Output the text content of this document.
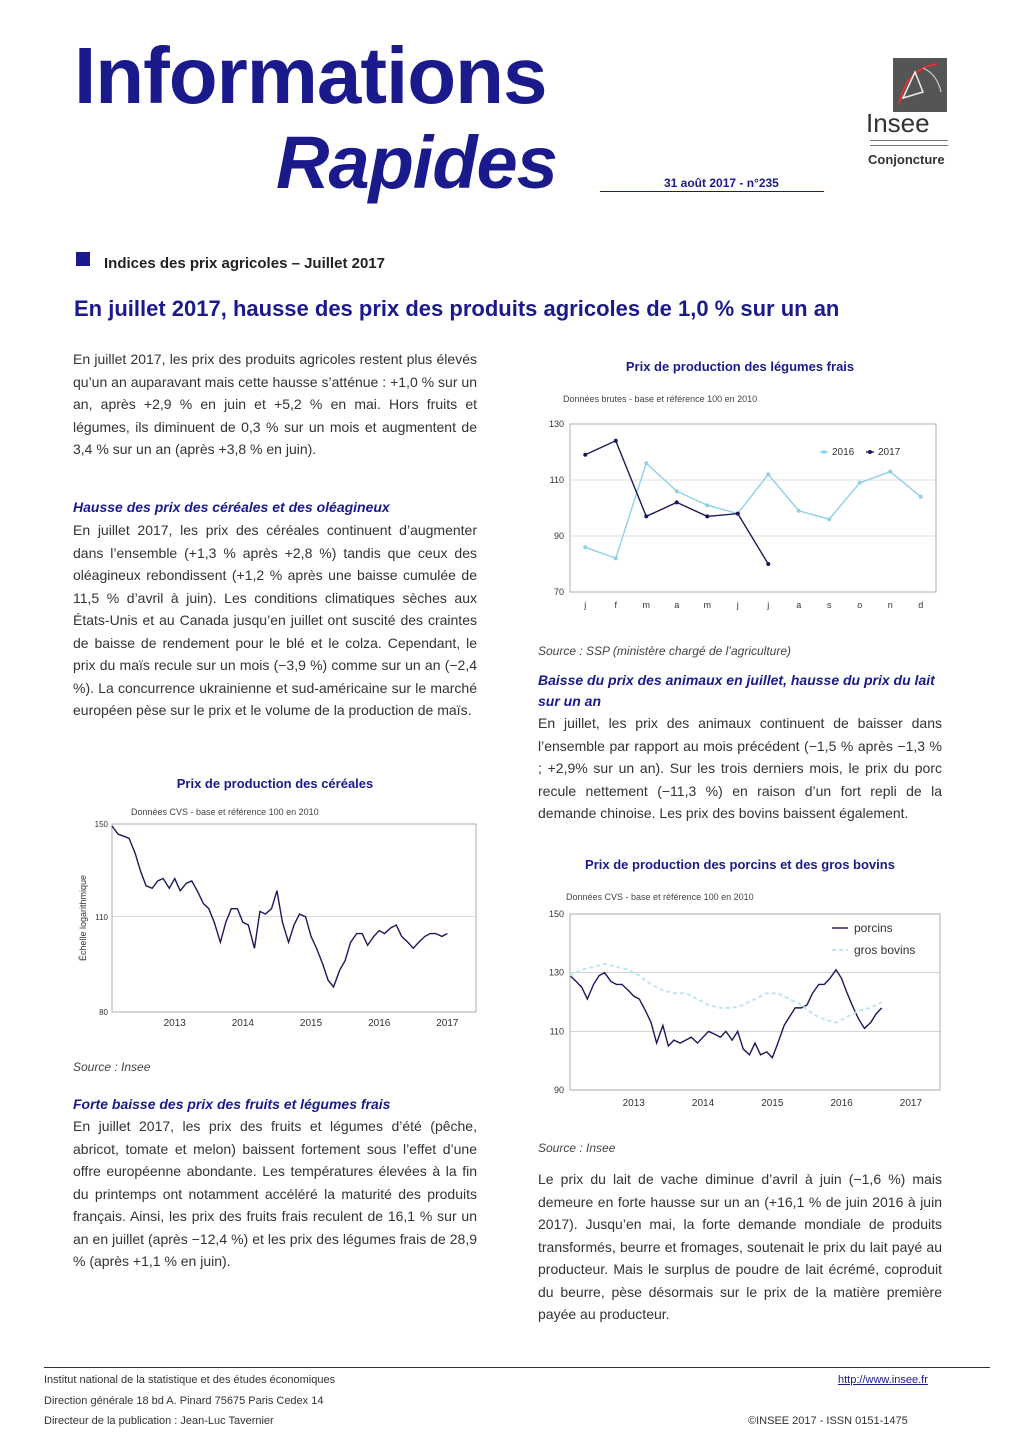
Informations
Rapides	31 août 2017 - n°235
Insee
Conjoncture
Indices des prix agricoles – Juillet 2017
En juillet 2017, hausse des prix des produits agricoles de 1,0 % sur un an

En juillet 2017, les prix des produits agricoles restent plus élevés qu’un an auparavant mais cette hausse s’atténue : +1,0 % sur un an, après +2,9 % en juin et +5,2 % en mai. Hors fruits et légumes, ils diminuent de 0,3 % sur un mois et augmentent de 3,4 % sur un an (après +3,8 % en juin).

Hausse des prix des céréales et des oléagineux

En juillet 2017, les prix des céréales continuent d’augmenter dans l’ensemble (+1,3 % après +2,8 %) tandis que ceux des oléagineux rebondissent (+1,2 % après une baisse cumulée de 11,5 % d’avril à juin). Les conditions climatiques sèches aux États-Unis et au Canada jusqu’en juillet ont suscité des craintes de baisse de rendement pour le blé et le colza. Cependant, le prix du maïs recule sur un mois (−3,9 %) comme sur un an (−2,4 %). La concurrence ukrainienne et sud-américaine sur le marché européen pèse sur le prix et le volume de la production de maïs.

Prix de production des céréales
Données CVS - base et référence 100 en 2010
80
110
150
2013	2014	2015	2016	2017
Échelle logarithmique
Source : Insee

Forte baisse des prix des fruits et légumes frais

En juillet 2017, les prix des fruits et légumes d’été (pêche, abricot, tomate et melon) baissent fortement sous l’effet d’une offre européenne abondante. Les températures élevées à la fin du printemps ont notamment accéléré la maturité des produits français. Ainsi, les prix des fruits frais reculent de 16,1 % sur un an en juillet (après −12,4 %) et les prix des légumes frais de 28,9 % (après +1,1 % en juin).

Prix de production des légumes frais
Données brutes - base et référence 100 en 2010
70
90
110
130
j	f	m	a	m	j	j	a	s	o	n	d
2016 2017
Source : SSP (ministère chargé de l’agriculture)

Baisse du prix des animaux en juillet, hausse du prix du lait sur un an

En juillet, les prix des animaux continuent de baisser dans l’ensemble par rapport au mois précédent (−1,5 % après −1,3 % ; +2,9% sur un an). Sur les trois derniers mois, le prix du porc recule nettement (−11,3 %) en raison d’un fort repli de la demande chinoise. Les prix des bovins baissent également.

Prix de production des porcins et des gros bovins
Données CVS - base et référence 100 en 2010
90
110
130
150
2013	2014	2015	2016	2017
porcins
gros bovins
Source : Insee

Le prix du lait de vache diminue d’avril à juin (−1,6 %) mais demeure en forte hausse sur un an (+16,1 % de juin 2016 à juin 2017). Jusqu’en mai, la forte demande mondiale de produits transformés, beurre et fromages, soutenait le prix du lait payé au producteur. Mais le surplus de poudre de lait écrémé, coproduit du beurre, pèse désormais sur le prix de la matière première payée au producteur.

Institut national de la statistique et des études économiques
Direction générale 18 bd A. Pinard 75675 Paris Cedex 14
Directeur de la publication : Jean-Luc Tavernier
http://www.insee.fr
©INSEE 2017 - ISSN 0151-1475
